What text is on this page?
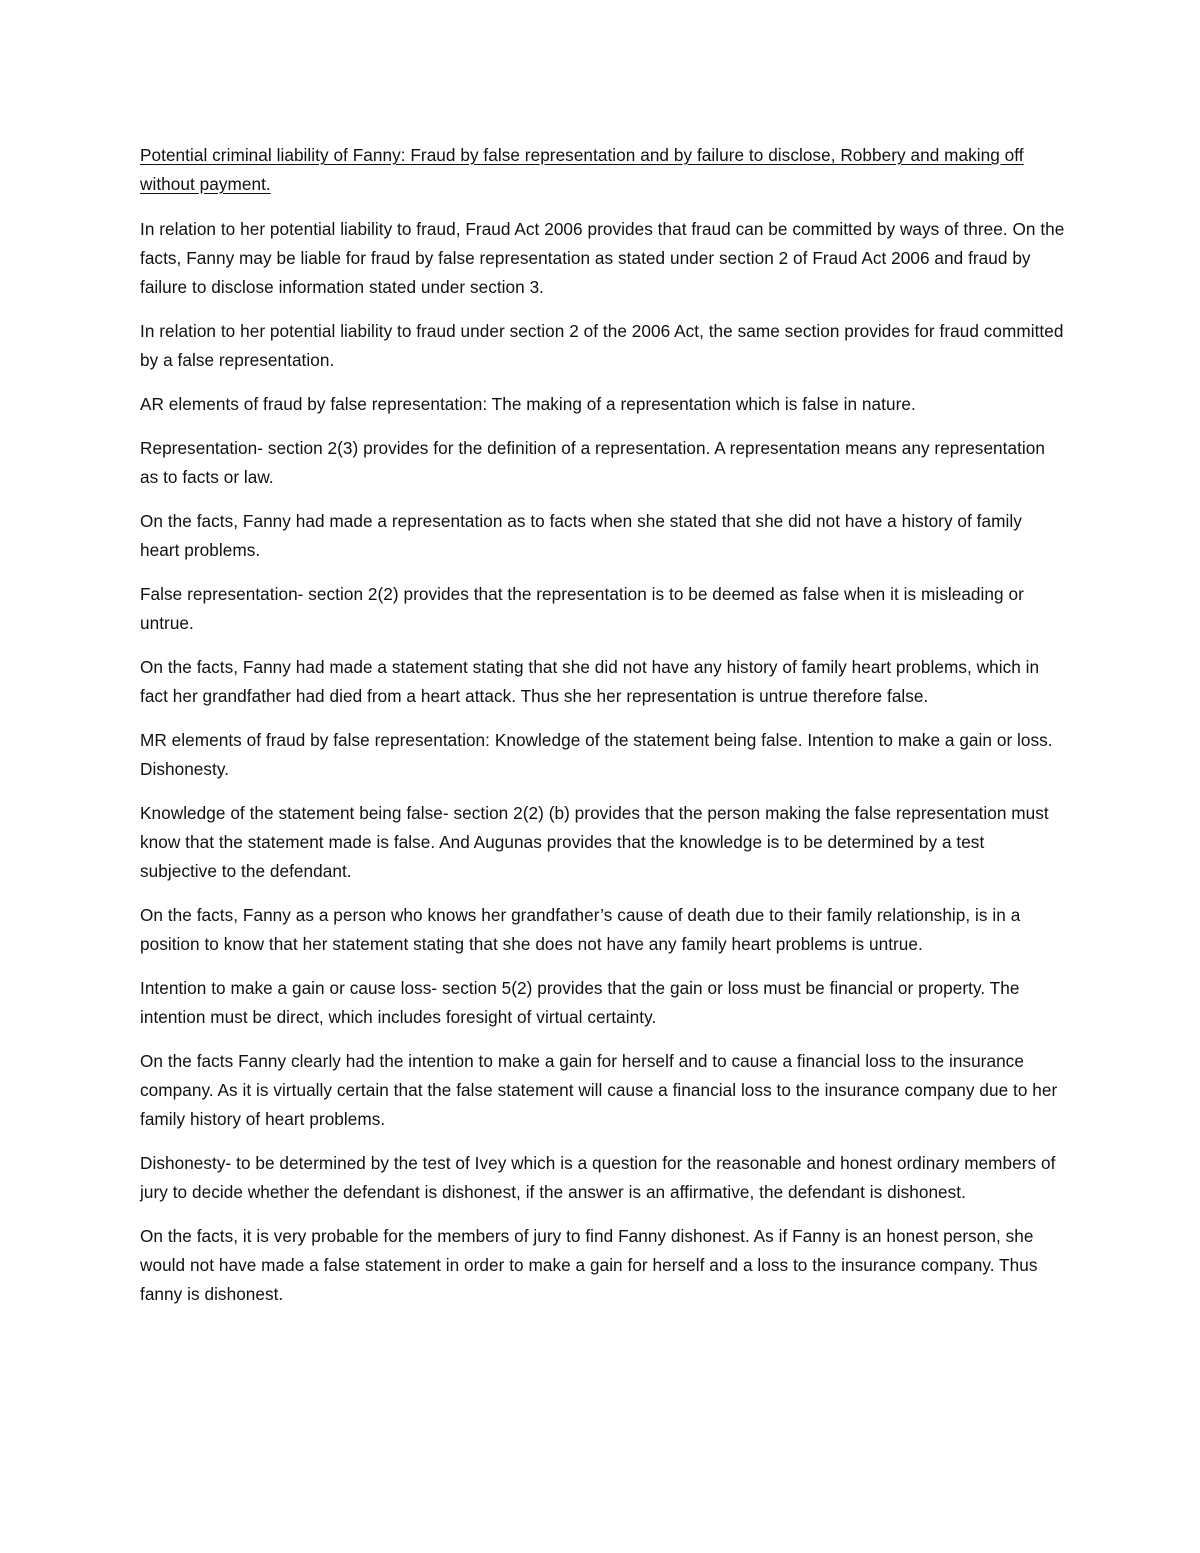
Potential criminal liability of Fanny: Fraud by false representation and by failure to disclose, Robbery and making off without payment.

In relation to her potential liability to fraud, Fraud Act 2006 provides that fraud can be committed by ways of three. On the facts, Fanny may be liable for fraud by false representation as stated under section 2 of Fraud Act 2006 and fraud by failure to disclose information stated under section 3.

In relation to her potential liability to fraud under section 2 of the 2006 Act, the same section provides for fraud committed by a false representation.

AR elements of fraud by false representation: The making of a representation which is false in nature.

Representation- section 2(3) provides for the definition of a representation. A representation means any representation as to facts or law.

On the facts, Fanny had made a representation as to facts when she stated that she did not have a history of family heart problems.

False representation- section 2(2) provides that the representation is to be deemed as false when it is misleading or untrue.

On the facts, Fanny had made a statement stating that she did not have any history of family heart problems, which in fact her grandfather had died from a heart attack. Thus she her representation is untrue therefore false.

MR elements of fraud by false representation: Knowledge of the statement being false. Intention to make a gain or loss. Dishonesty.

Knowledge of the statement being false- section 2(2) (b) provides that the person making the false representation must know that the statement made is false. And Augunas provides that the knowledge is to be determined by a test subjective to the defendant.

On the facts, Fanny as a person who knows her grandfather’s cause of death due to their family relationship, is in a position to know that her statement stating that she does not have any family heart problems is untrue.

Intention to make a gain or cause loss- section 5(2) provides that the gain or loss must be financial or property. The intention must be direct, which includes foresight of virtual certainty.

On the facts Fanny clearly had the intention to make a gain for herself and to cause a financial loss to the insurance company. As it is virtually certain that the false statement will cause a financial loss to the insurance company due to her family history of heart problems.

Dishonesty- to be determined by the test of Ivey which is a question for the reasonable and honest ordinary members of jury to decide whether the defendant is dishonest, if the answer is an affirmative, the defendant is dishonest.

On the facts, it is very probable for the members of jury to find Fanny dishonest. As if Fanny is an honest person, she would not have made a false statement in order to make a gain for herself and a loss to the insurance company. Thus fanny is dishonest.
